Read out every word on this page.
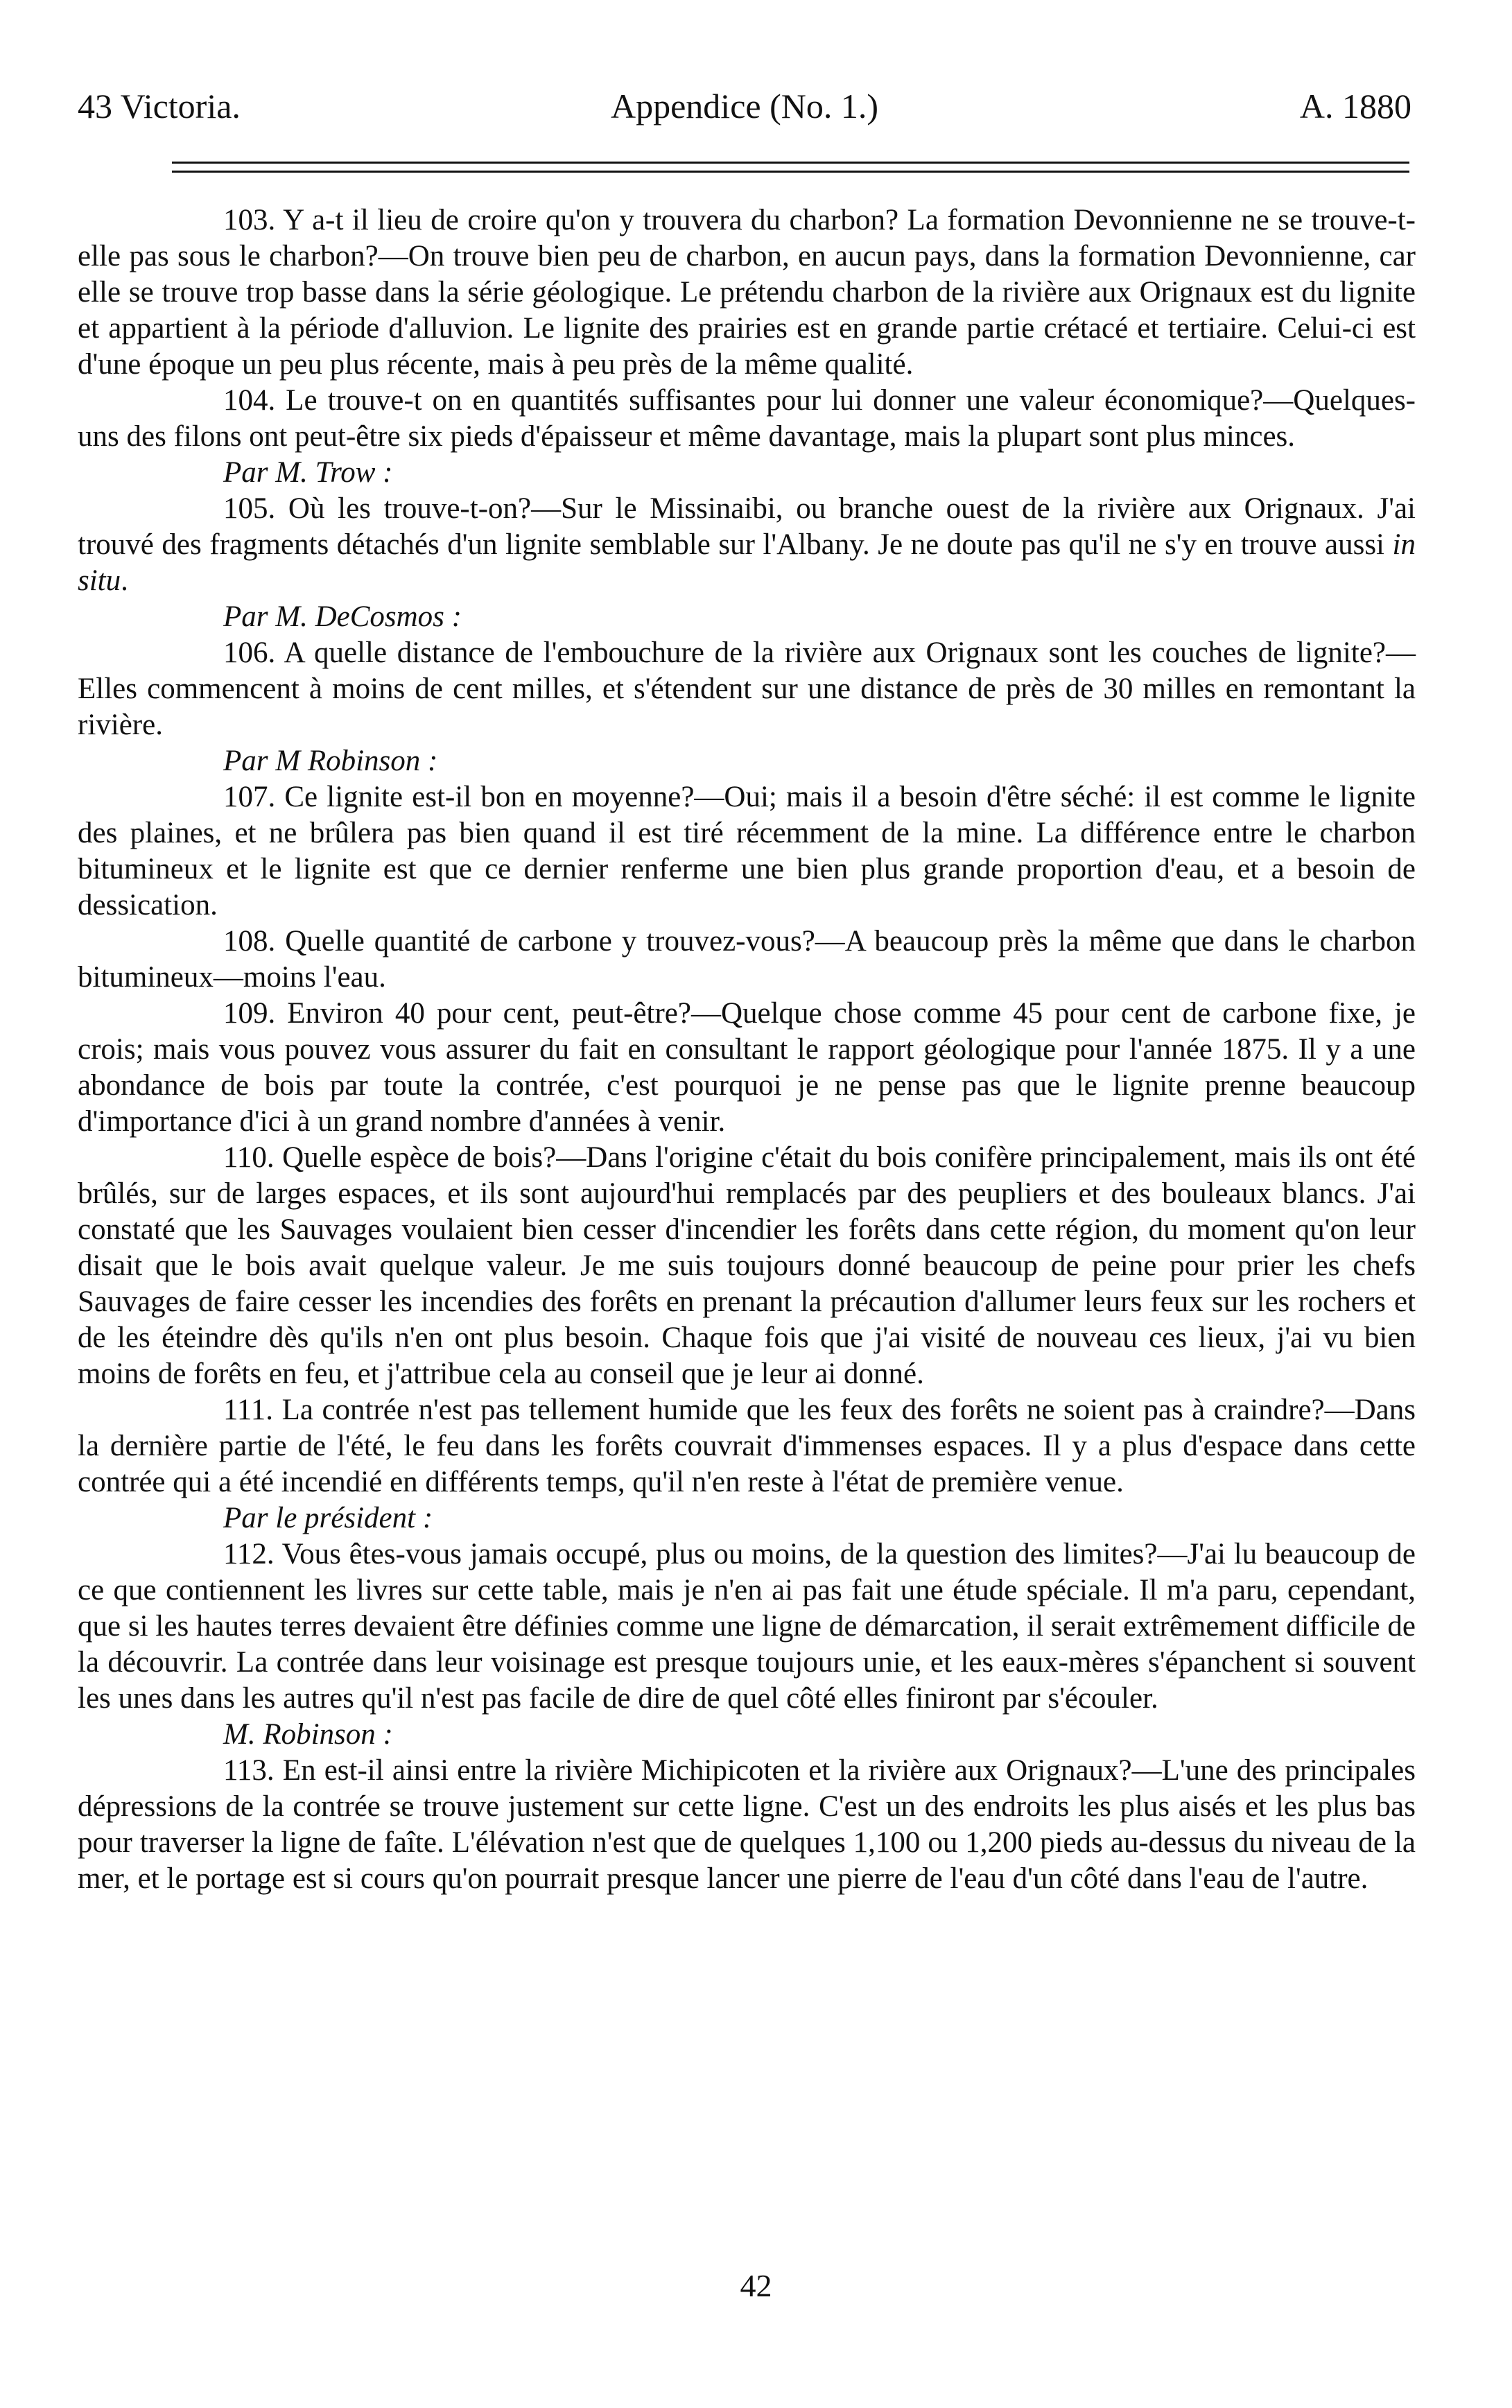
43 Victoria.	Appendice (No. 1.)	A. 1880

103. Y a-t il lieu de croire qu'on y trouvera du charbon? La formation Devonnienne ne se trouve-t-elle pas sous le charbon?—On trouve bien peu de charbon, en aucun pays, dans la formation Devonnienne, car elle se trouve trop basse dans la série géologique. Le prétendu charbon de la rivière aux Orignaux est du lignite et appartient à la période d'alluvion. Le lignite des prairies est en grande partie crétacé et tertiaire. Celui-ci est d'une époque un peu plus récente, mais à peu près de la même qualité.

104. Le trouve-t on en quantités suffisantes pour lui donner une valeur économique?—Quelques-uns des filons ont peut-être six pieds d'épaisseur et même davantage, mais la plupart sont plus minces.

Par M. Trow :

105. Où les trouve-t-on?—Sur le Missinaibi, ou branche ouest de la rivière aux Orignaux. J'ai trouvé des fragments détachés d'un lignite semblable sur l'Albany. Je ne doute pas qu'il ne s'y en trouve aussi in situ.

Par M. DeCosmos :

106. A quelle distance de l'embouchure de la rivière aux Orignaux sont les couches de lignite?—Elles commencent à moins de cent milles, et s'étendent sur une distance de près de 30 milles en remontant la rivière.

Par M Robinson :

107. Ce lignite est-il bon en moyenne?—Oui; mais il a besoin d'être séché: il est comme le lignite des plaines, et ne brûlera pas bien quand il est tiré récemment de la mine. La différence entre le charbon bitumineux et le lignite est que ce dernier renferme une bien plus grande proportion d'eau, et a besoin de dessication.

108. Quelle quantité de carbone y trouvez-vous?—A beaucoup près la même que dans le charbon bitumineux—moins l'eau.

109. Environ 40 pour cent, peut-être?—Quelque chose comme 45 pour cent de carbone fixe, je crois; mais vous pouvez vous assurer du fait en consultant le rapport géologique pour l'année 1875. Il y a une abondance de bois par toute la contrée, c'est pourquoi je ne pense pas que le lignite prenne beaucoup d'importance d'ici à un grand nombre d'années à venir.

110. Quelle espèce de bois?—Dans l'origine c'était du bois conifère principalement, mais ils ont été brûlés, sur de larges espaces, et ils sont aujourd'hui remplacés par des peupliers et des bouleaux blancs. J'ai constaté que les Sauvages voulaient bien cesser d'incendier les forêts dans cette région, du moment qu'on leur disait que le bois avait quelque valeur. Je me suis toujours donné beaucoup de peine pour prier les chefs Sauvages de faire cesser les incendies des forêts en prenant la précaution d'allumer leurs feux sur les rochers et de les éteindre dès qu'ils n'en ont plus besoin. Chaque fois que j'ai visité de nouveau ces lieux, j'ai vu bien moins de forêts en feu, et j'attribue cela au conseil que je leur ai donné.

111. La contrée n'est pas tellement humide que les feux des forêts ne soient pas à craindre?—Dans la dernière partie de l'été, le feu dans les forêts couvrait d'immenses espaces. Il y a plus d'espace dans cette contrée qui a été incendié en différents temps, qu'il n'en reste à l'état de première venue.

Par le président :

112. Vous êtes-vous jamais occupé, plus ou moins, de la question des limites?—J'ai lu beaucoup de ce que contiennent les livres sur cette table, mais je n'en ai pas fait une étude spéciale. Il m'a paru, cependant, que si les hautes terres devaient être définies comme une ligne de démarcation, il serait extrêmement difficile de la découvrir. La contrée dans leur voisinage est presque toujours unie, et les eaux-mères s'épanchent si souvent les unes dans les autres qu'il n'est pas facile de dire de quel côté elles finiront par s'écouler.

M. Robinson :

113. En est-il ainsi entre la rivière Michipicoten et la rivière aux Orignaux?—L'une des principales dépressions de la contrée se trouve justement sur cette ligne. C'est un des endroits les plus aisés et les plus bas pour traverser la ligne de faîte. L'élévation n'est que de quelques 1,100 ou 1,200 pieds au-dessus du niveau de la mer, et le portage est si cours qu'on pourrait presque lancer une pierre de l'eau d'un côté dans l'eau de l'autre.

42
